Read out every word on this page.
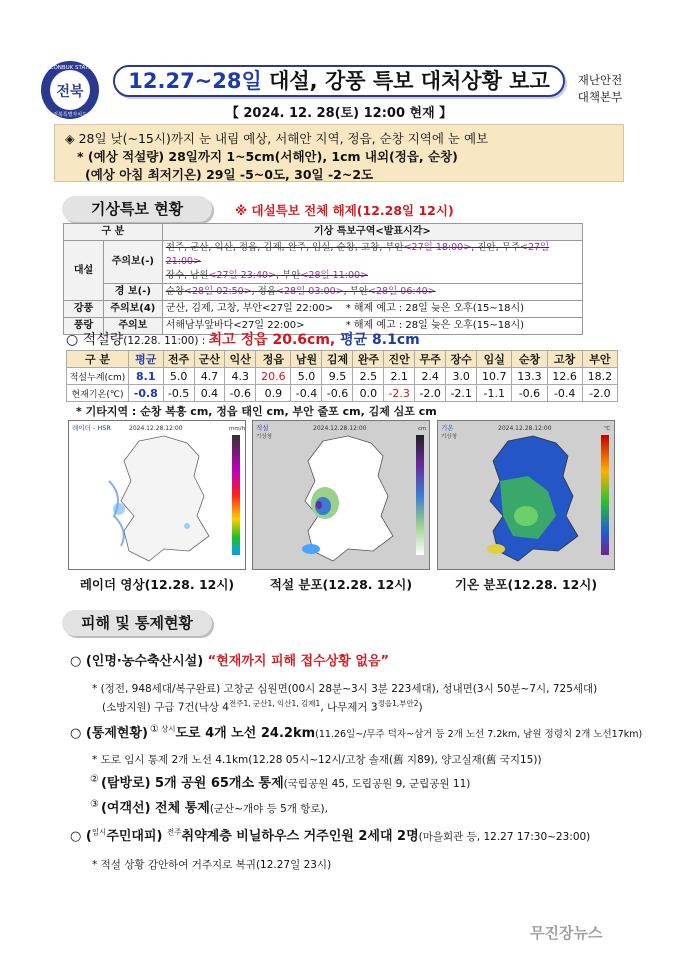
전북
JEONBUK STATE
전북특별자치도
12.27~28일 대설, 강풍 특보 대처상황 보고	재난안전
대책본부
【 2024. 12. 28(토) 12:00 현재 】
◈ 28일 낮(~15시)까지 눈 내림 예상, 서해안 지역, 정읍, 순창 지역에 눈 예보
* (예상 적설량) 28일까지 1~5cm(서해안), 1cm 내외(정읍, 순창)
(예상 아침 최저기온) 29일 -5~0도, 30일 -2~2도
기상특보 현황	※ 대설특보 전체 해제(12.28일 12시)
구 분		기상 특보구역<발표시각>
대설	주의보(-)	전주, 군산, 익산, 정읍, 김제, 완주, 임실, 순창, 고창, 부안<27일 18:00>, 진안, 무주<27일 21:00>
장수, 남원<27일 23:40>, 부안<28일 11:00>

	경 보(-)	순창<28일 02:50>, 정읍<28일 03:00>, 부안<28일 06:40>
강풍	주의보(4)	군산, 김제, 고창, 부안<27일 22:00> * 해제 예고 : 28일 늦은 오후(15~18시)
풍랑	주의보	서해남부앞바다<27일 22:00> * 해제 예고 : 28일 늦은 오후(15~18시)
○ 적설량(12.28. 11:00) : 최고 정읍 20.6cm, 평균 8.1cm
구 분	평균	전주	군산	익산	정읍	남원	김제	완주	진안	무주	장수	임실	순창	고창	부안
적설누계(cm)	8.1	5.0	4.7	4.3	20.6	5.0	9.5	2.5	2.1	2.4	3.0	10.7	13.3	12.6	18.2
현재기온(℃)	-0.8	-0.5	0.4	-0.6	0.9	-0.4	-0.6	0.0	-2.3	-2.0	-2.1	-1.1	-0.6	-0.4	-2.0
* 기타지역 : 순창 복흥 cm, 정읍 태인 cm, 부안 줄포 cm, 김제 심포 cm
레이더 - HSR	2024.12.28.12:00	mm/h 적설
기상청
2024.12.28.12:00	cm 기온
기상청
2024.12.28.12:00	℃
레이더 영상(12.28. 12시)	적설 분포(12.28. 12시)	기온 분포(12.28. 12시)
피해 및 통제현황
○ (인명·농수축산시설) “현재까지 피해 접수상황 없음”
* (정전, 948세대/복구완료) 고창군 심원면(00시 28분~3시 3분 223세대), 성내면(3시 50분~7시, 725세대)
(소방지원) 구급 7건(낙상 $4^{전주1, 군산1, 익산1, 김제1}$, 나무제거 $3^{정읍1,부안2}$)
○ (통제현황) ① $^{상시}$도로 4개 노선 24.2km(11.26일~/무주 덕자~삼거 등 2개 노선 7.2km, 남원 정령치 2개 노선17km)
* 도로 임시 통제 2개 노선 4.1km(12.28 05시~12시/고창 솔재(舊 지89), 양고실재(舊 국지15))
② (탐방로) 5개 공원 65개소 통제(국립공원 45, 도립공원 9, 군립공원 11)
③ (여객선) 전체 통제(군산~개야 등 5개 항로),
○ ($^{임시}$주민대피) $^{전주}$취약계층 비닐하우스 거주인원 2세대 2명(마을회관 등, 12.27 17:30~23:00)
* 적설 상황 감안하여 거주지로 복귀(12.27일 23시)
무진장뉴스
